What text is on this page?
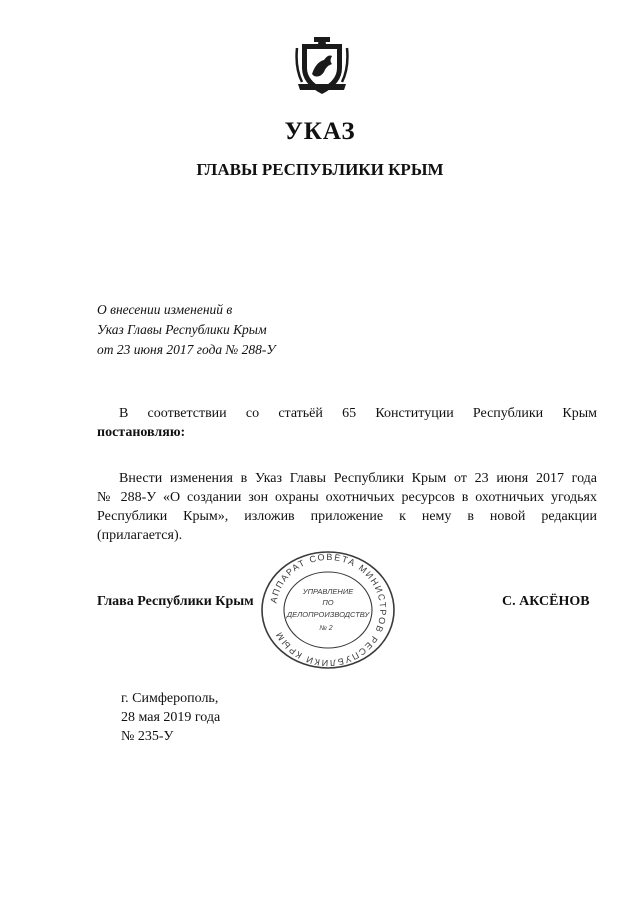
УКАЗ
ГЛАВЫ РЕСПУБЛИКИ КРЫМ
О внесении изменений в
Указ Главы Республики Крым
от 23 июня 2017 года № 288-У
В соответствии со статьёй 65 Конституции Республики Крым
постановляю:
Внести изменения в Указ Главы Республики Крым от 23 июня 2017 года
№ 288-У «О создании зон охраны охотничьих ресурсов в охотничьих угодьях
Республики Крым», изложив приложение к нему в новой редакции
(прилагается).
Глава Республики Крым	С. АКСЁНОВ
АППАРАТ СОВЕТА МИНИСТРОВ РЕСПУБЛИКИ КРЫМ
УПРАВЛЕНИЕ
ПО
ДЕЛОПРОИЗВОДСТВУ
№ 2
г. Симферополь,
28 мая 2019 года
№ 235-У
